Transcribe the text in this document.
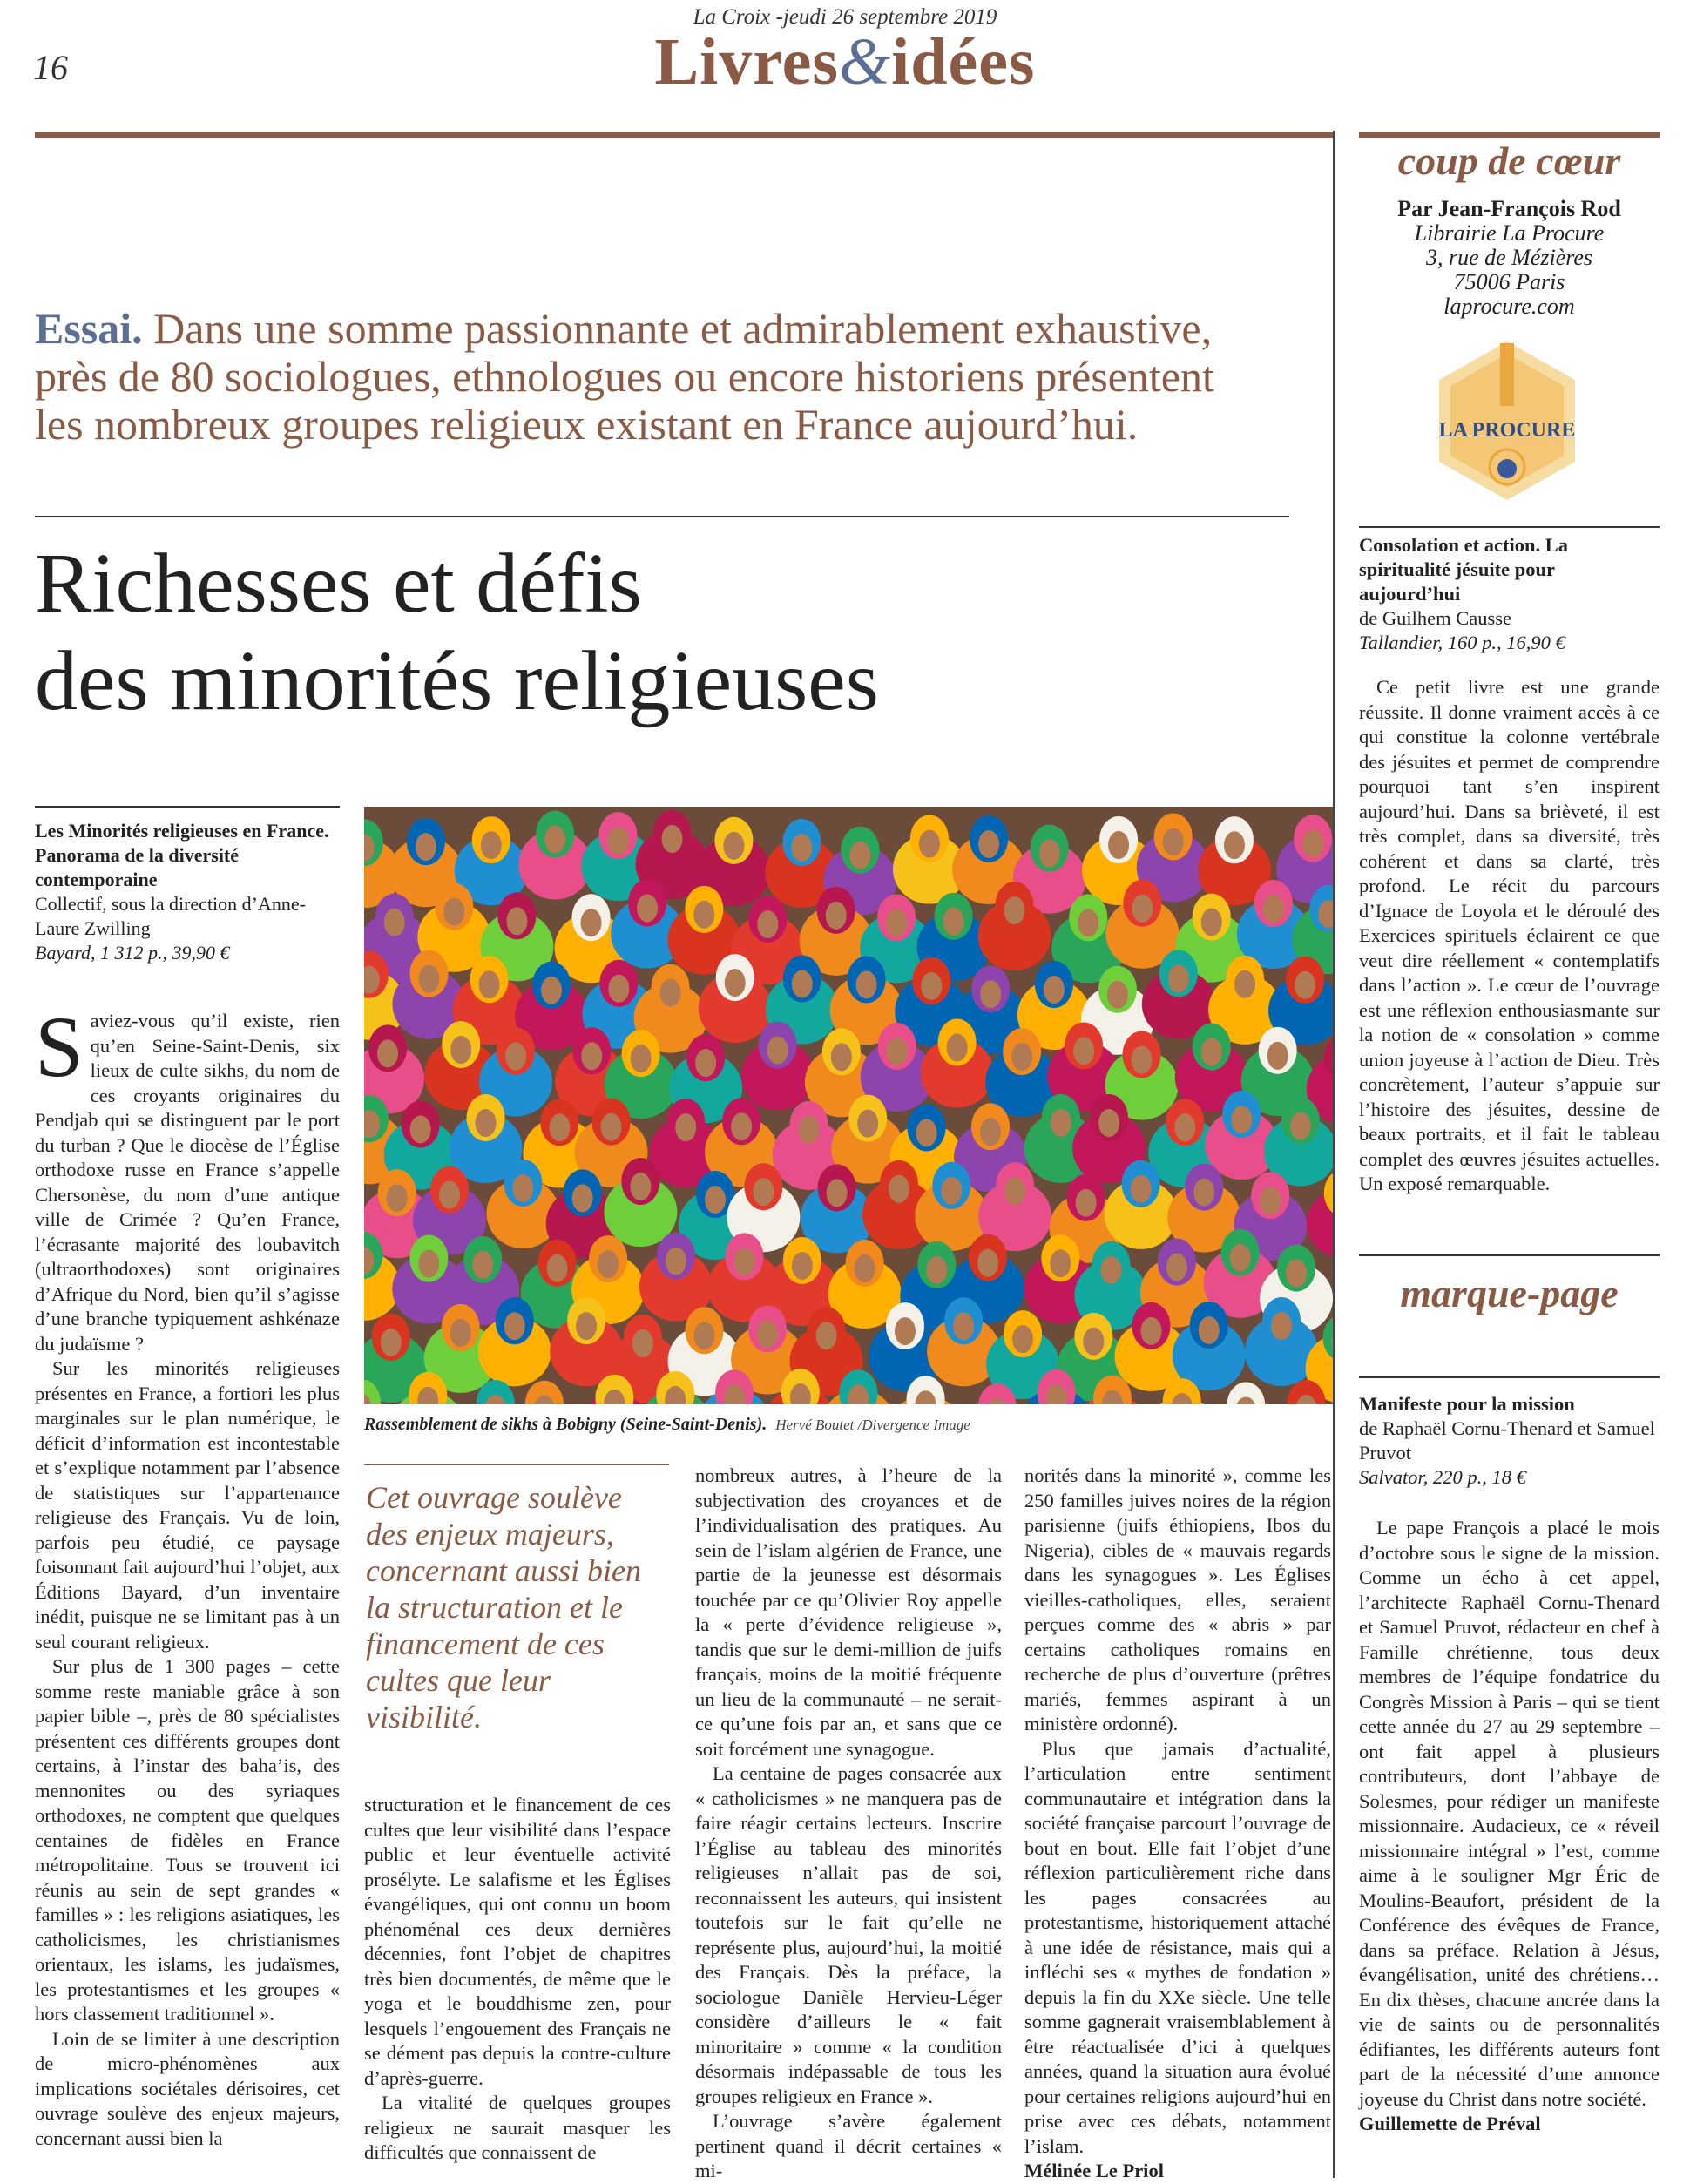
La Croix -jeudi 26 septembre 2019
16	Livres&idées
Essai. Dans une somme passionnante et admirablement exhaustive, près de 80 sociologues, ethnologues ou encore historiens présentent les nombreux groupes religieux existant en France aujourd’hui.
Richesses et défis
des minorités religieuses
Les Minorités religieuses en France. Panorama de la diversité contemporaine
Collectif, sous la direction d’Anne-Laure Zwilling
Bayard, 1 312 p., 39,90 €
Rassemblement de sikhs à Bobigny (Seine-Saint-Denis). Hervé Boutet /Divergence Image
Cet ouvrage soulève des enjeux majeurs, concernant aussi bien la structuration et le financement de ces cultes que leur visibilité.

Saviez-vous qu’il existe, rien qu’en Seine-Saint-Denis, six lieux de culte sikhs, du nom de ces croyants originaires du Pendjab qui se distinguent par le port du turban ? Que le diocèse de l’Église orthodoxe russe en France s’appelle Chersonèse, du nom d’une antique ville de Crimée ? Qu’en France, l’écrasante majorité des loubavitch (ultraorthodoxes) sont originaires d’Afrique du Nord, bien qu’il s’agisse d’une branche typiquement ashkénaze du judaïsme ?

Sur les minorités religieuses présentes en France, a fortiori les plus marginales sur le plan numérique, le déficit d’information est incontestable et s’explique notamment par l’absence de statistiques sur l’appartenance religieuse des Français. Vu de loin, parfois peu étudié, ce paysage foisonnant fait aujourd’hui l’objet, aux Éditions Bayard, d’un inventaire inédit, puisque ne se limitant pas à un seul courant religieux.

Sur plus de 1 300 pages – cette somme reste maniable grâce à son papier bible –, près de 80 spécialistes présentent ces différents groupes dont certains, à l’instar des baha’is, des mennonites ou des syriaques orthodoxes, ne comptent que quelques centaines de fidèles en France métropolitaine. Tous se trouvent ici réunis au sein de sept grandes « familles » : les religions asiatiques, les catholicismes, les christianismes orientaux, les islams, les judaïsmes, les protestantismes et les groupes « hors classement traditionnel ».

Loin de se limiter à une description de micro-phénomènes aux implications sociétales dérisoires, cet ouvrage soulève des enjeux majeurs, concernant aussi bien la

structuration et le financement de ces cultes que leur visibilité dans l’espace public et leur éventuelle activité prosélyte. Le salafisme et les Églises évangéliques, qui ont connu un boom phénoménal ces deux dernières décennies, font l’objet de chapitres très bien documentés, de même que le yoga et le bouddhisme zen, pour lesquels l’engouement des Français ne se dément pas depuis la contre-culture d’après-guerre.

La vitalité de quelques groupes religieux ne saurait masquer les difficultés que connaissent de

nombreux autres, à l’heure de la subjectivation des croyances et de l’individualisation des pratiques. Au sein de l’islam algérien de France, une partie de la jeunesse est désormais touchée par ce qu’Olivier Roy appelle la « perte d’évidence religieuse », tandis que sur le demi-million de juifs français, moins de la moitié fréquente un lieu de la communauté – ne serait-ce qu’une fois par an, et sans que ce soit forcément une synagogue.

La centaine de pages consacrée aux « catholicismes » ne manquera pas de faire réagir certains lecteurs. Inscrire l’Église au tableau des minorités religieuses n’allait pas de soi, reconnaissent les auteurs, qui insistent toutefois sur le fait qu’elle ne représente plus, aujourd’hui, la moitié des Français. Dès la préface, la sociologue Danièle Hervieu-Léger considère d’ailleurs le « fait minoritaire » comme « la condition désormais indépassable de tous les groupes religieux en France ».

L’ouvrage s’avère également pertinent quand il décrit certaines « mi-

norités dans la minorité », comme les 250 familles juives noires de la région parisienne (juifs éthiopiens, Ibos du Nigeria), cibles de « mauvais regards dans les synagogues ». Les Églises vieilles-catholiques, elles, seraient perçues comme des « abris » par certains catholiques romains en recherche de plus d’ouverture (prêtres mariés, femmes aspirant à un ministère ordonné).

Plus que jamais d’actualité, l’articulation entre sentiment communautaire et intégration dans la société française parcourt l’ouvrage de bout en bout. Elle fait l’objet d’une réflexion particulièrement riche dans les pages consacrées au protestantisme, historiquement attaché à une idée de résistance, mais qui a infléchi ses « mythes de fondation » depuis la fin du XXe siècle. Une telle somme gagnerait vraisemblablement à être réactualisée d’ici à quelques années, quand la situation aura évolué pour certaines religions aujourd’hui en prise avec ces débats, notamment l’islam.

Mélinée Le Priol

coup de cœur
Par Jean-François Rod
Librairie La Procure
3, rue de Mézières
75006 Paris
laprocure.com
LA PROCURE
Consolation et action. La spiritualité jésuite pour aujourd’hui
de Guilhem Causse
Tallandier, 160 p., 16,90 €

Ce petit livre est une grande réussite. Il donne vraiment accès à ce qui constitue la colonne vertébrale des jésuites et permet de comprendre pourquoi tant s’en inspirent aujourd’hui. Dans sa brièveté, il est très complet, dans sa diversité, très cohérent et dans sa clarté, très profond. Le récit du parcours d’Ignace de Loyola et le déroulé des Exercices spirituels éclairent ce que veut dire réellement « contemplatifs dans l’action ». Le cœur de l’ouvrage est une réflexion enthousiasmante sur la notion de « consolation » comme union joyeuse à l’action de Dieu. Très concrètement, l’auteur s’appuie sur l’histoire des jésuites, dessine de beaux portraits, et il fait le tableau complet des œuvres jésuites actuelles. Un exposé remarquable.

marque-page
Manifeste pour la mission
de Raphaël Cornu-Thenard et Samuel Pruvot
Salvator, 220 p., 18 €

Le pape François a placé le mois d’octobre sous le signe de la mission. Comme un écho à cet appel, l’architecte Raphaël Cornu-Thenard et Samuel Pruvot, rédacteur en chef à Famille chrétienne, tous deux membres de l’équipe fondatrice du Congrès Mission à Paris – qui se tient cette année du 27 au 29 septembre – ont fait appel à plusieurs contributeurs, dont l’abbaye de Solesmes, pour rédiger un manifeste missionnaire. Audacieux, ce « réveil missionnaire intégral » l’est, comme aime à le souligner Mgr Éric de Moulins-Beaufort, président de la Conférence des évêques de France, dans sa préface. Relation à Jésus, évangélisation, unité des chrétiens… En dix thèses, chacune ancrée dans la vie de saints ou de personnalités édifiantes, les différents auteurs font part de la nécessité d’une annonce joyeuse du Christ dans notre société.

Guillemette de Préval
